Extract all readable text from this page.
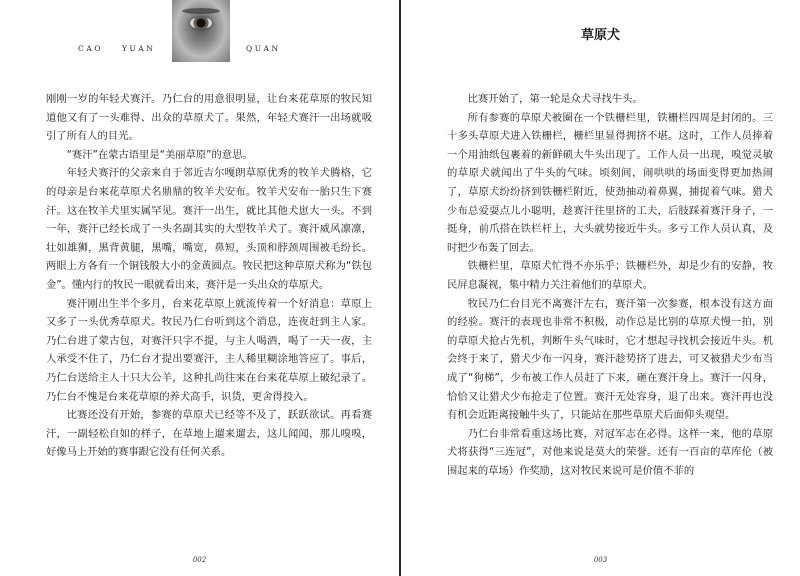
CAO	YUAN	QUAN

刚刚一岁的年轻犬赛汗。乃仁台的用意很明显，让台来花草原的牧民知道他又有了一头难得、出众的草原犬了。果然，年轻犬赛汗一出场就吸引了所有人的目光。

“赛汗”在蒙古语里是“美丽草原”的意思。

年轻犬赛汗的父亲来自于邻近吉尔嘎朗草原优秀的牧羊犬腾格，它的母亲是台来花草原犬名鼎鼎的牧羊犬安布。牧羊犬安布一胎只生下赛汗。这在牧羊犬里实属罕见。赛汗一出生，就比其他犬崽大一头。不到一年，赛汗已经长成了一头名副其实的大型牧羊犬了。赛汗威风凛凛，壮如雄狮，黑背黄腿，黑嘴，嘴宽，鼻短，头顶和脖颈周围被毛纷长。两眼上方各有一个铜钱般大小的金黄圆点。牧民把这种草原犬称为“铁包金”。懂内行的牧民一眼就看出来，赛汗是一头出众的草原犬。

赛汗刚出生半个多月，台来花草原上就流传着一个好消息：草原上又多了一头优秀草原犬。牧民乃仁台听到这个消息，连夜赶到主人家。乃仁台进了蒙古包，对赛汗只字不提，与主人喝酒，喝了一天一夜，主人承受不住了，乃仁台才提出要赛汗，主人稀里糊涂地答应了。事后，乃仁台送给主人十只大公羊，这种扎尚往来在台来花草原上破纪录了。乃仁台不愧是台来花草原的养犬高手，识货，更舍得投入。

比赛还没有开始，参赛的草原犬已经等不及了，跃跃欲试。再看赛汗，一副轻松自如的样子，在草地上遛来遛去，这儿闻闻，那儿嗅嗅，好像马上开始的赛事跟它没有任何关系。

002
草原犬

比赛开始了，第一轮是众犬寻找牛头。

所有参赛的草原犬被圈在一个铁栅栏里，铁栅栏四周是封闭的。三十多头草原犬进入铁栅栏，栅栏里显得拥挤不堪。这时，工作人员捧着一个用油纸包裹着的新鲜硕大牛头出现了。工作人员一出现，嗅觉灵敏的草原犬就闻出了牛头的气味。顷刻间，闹哄哄的场面变得更加热闹了，草原犬纷纷挤到铁栅栏附近，使劲抽动着鼻翼，捕捉着气味。猎犬少布总爱耍点儿小聪明，趁赛汗往里挤的工夫，后肢踩着赛汗身子，一挺身，前爪搭在铁栏杆上，大头就势接近牛头。多亏工作人员认真，及时把少布轰了回去。

铁栅栏里，草原犬忙得不亦乐乎；铁栅栏外，却是少有的安静，牧民屏息凝视，集中精力关注着他们的草原犬。

牧民乃仁台目光不离赛汗左右，赛汗第一次参赛，根本没有这方面的经验。赛汗的表现也非常不积极，动作总是比别的草原犬慢一拍，别的草原犬抢占先机，判断牛头气味时，它才想起寻找机会接近牛头。机会终于来了，猎犬少布一闪身，赛汗趁势挤了进去，可又被猎犬少布当成了“狗梯”，少布被工作人员赶了下来，砸在赛汗身上。赛汗一闪身，恰恰又让猎犬少布抢走了位置。赛汗无处容身，退了出来。赛汗再也没有机会近距离接触牛头了，只能站在那些草原犬后面仰头观望。

乃仁台非常看重这场比赛，对冠军志在必得。这样一来，他的草原犬将获得“三连冠”，对他来说是莫大的荣誉。还有一百亩的草库伦（被围起来的草场）作奖励，这对牧民来说可是价值不菲的

003
